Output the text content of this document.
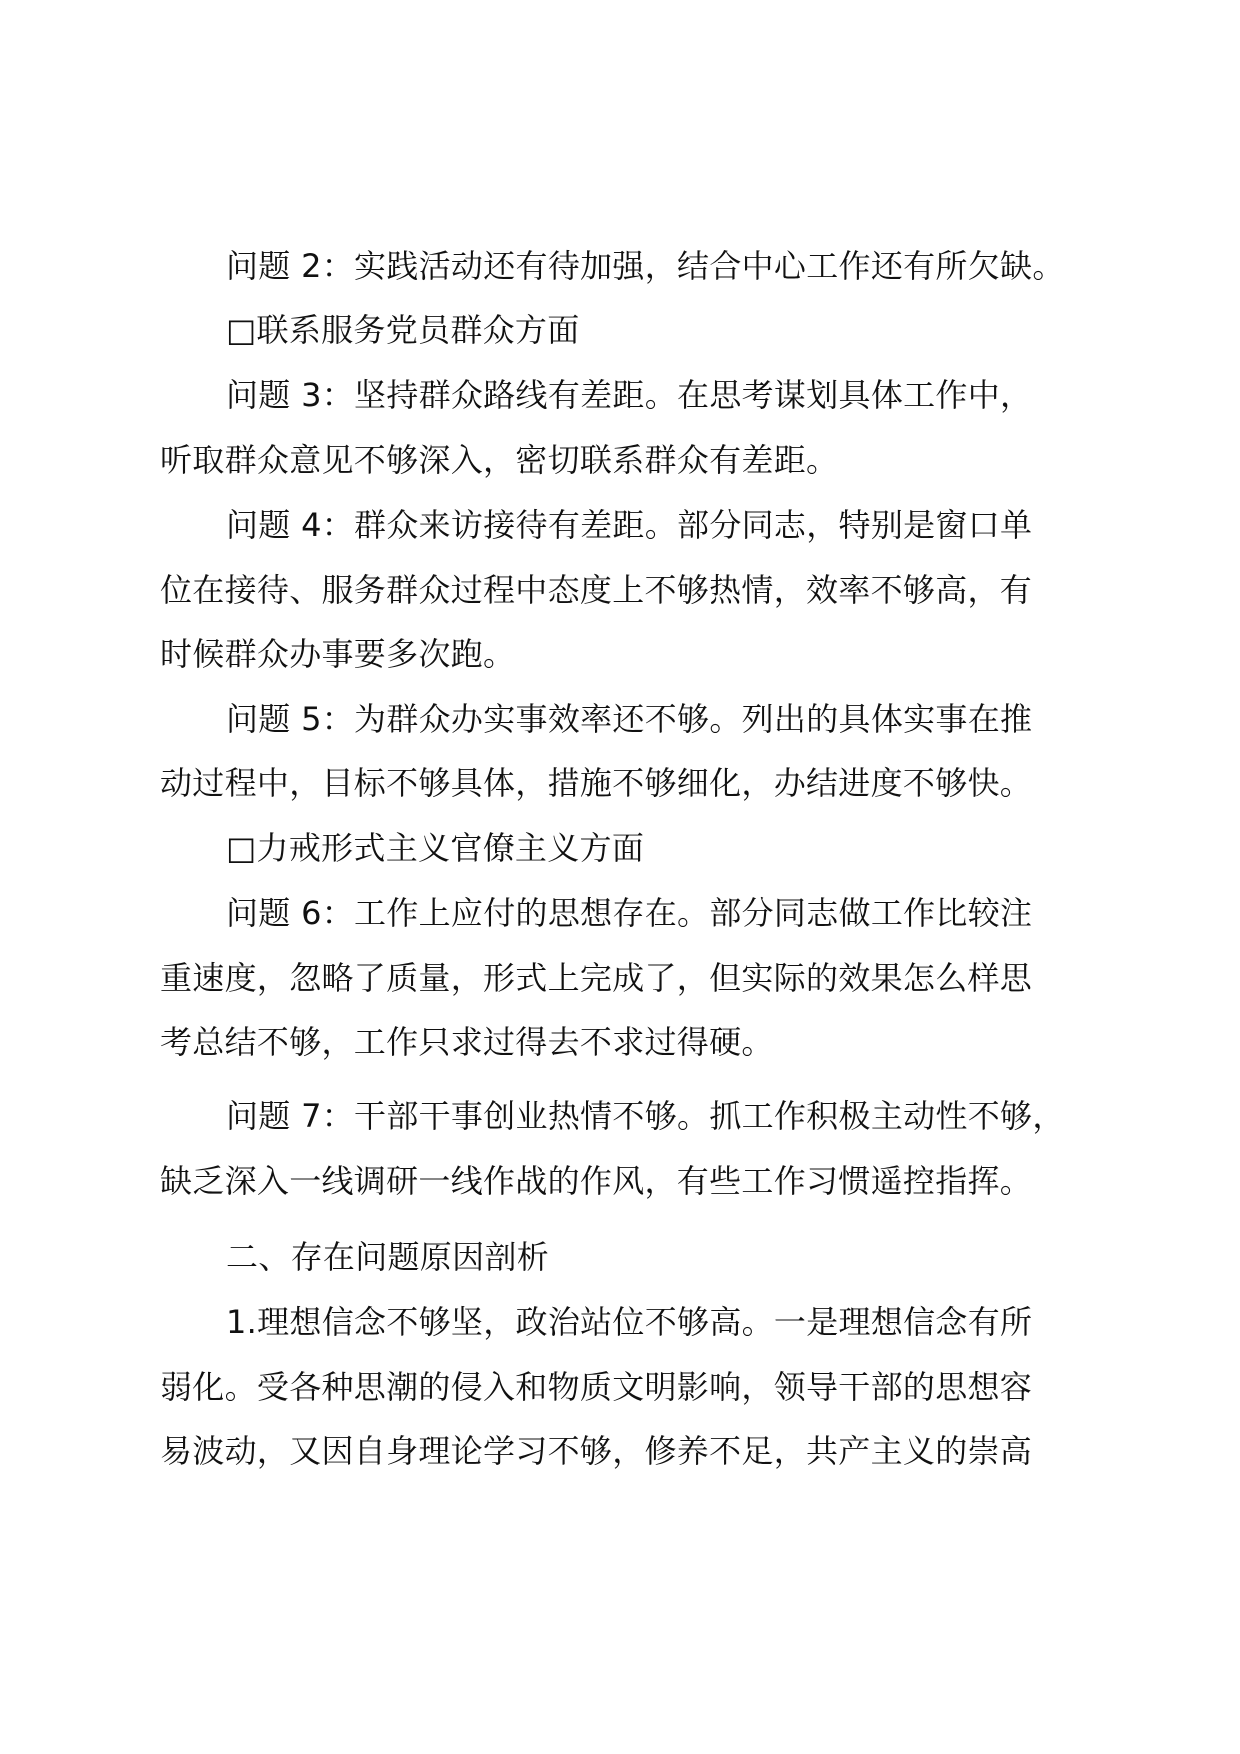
问题 2：实践活动还有待加强，结合中心工作还有所欠缺。
□联系服务党员群众方面
问题 3：坚持群众路线有差距。在思考谋划具体工作中，
听取群众意见不够深入，密切联系群众有差距。
问题 4：群众来访接待有差距。部分同志，特别是窗口单
位在接待、服务群众过程中态度上不够热情，效率不够高，有
时候群众办事要多次跑。
问题 5：为群众办实事效率还不够。列出的具体实事在推
动过程中，目标不够具体，措施不够细化，办结进度不够快。
□力戒形式主义官僚主义方面
问题 6：工作上应付的思想存在。部分同志做工作比较注
重速度，忽略了质量，形式上完成了，但实际的效果怎么样思
考总结不够，工作只求过得去不求过得硬。
问题 7：干部干事创业热情不够。抓工作积极主动性不够，
缺乏深入一线调研一线作战的作风，有些工作习惯遥控指挥。
二、存在问题原因剖析
1.理想信念不够坚，政治站位不够高。一是理想信念有所
弱化。受各种思潮的侵入和物质文明影响，领导干部的思想容
易波动，又因自身理论学习不够，修养不足，共产主义的崇高
